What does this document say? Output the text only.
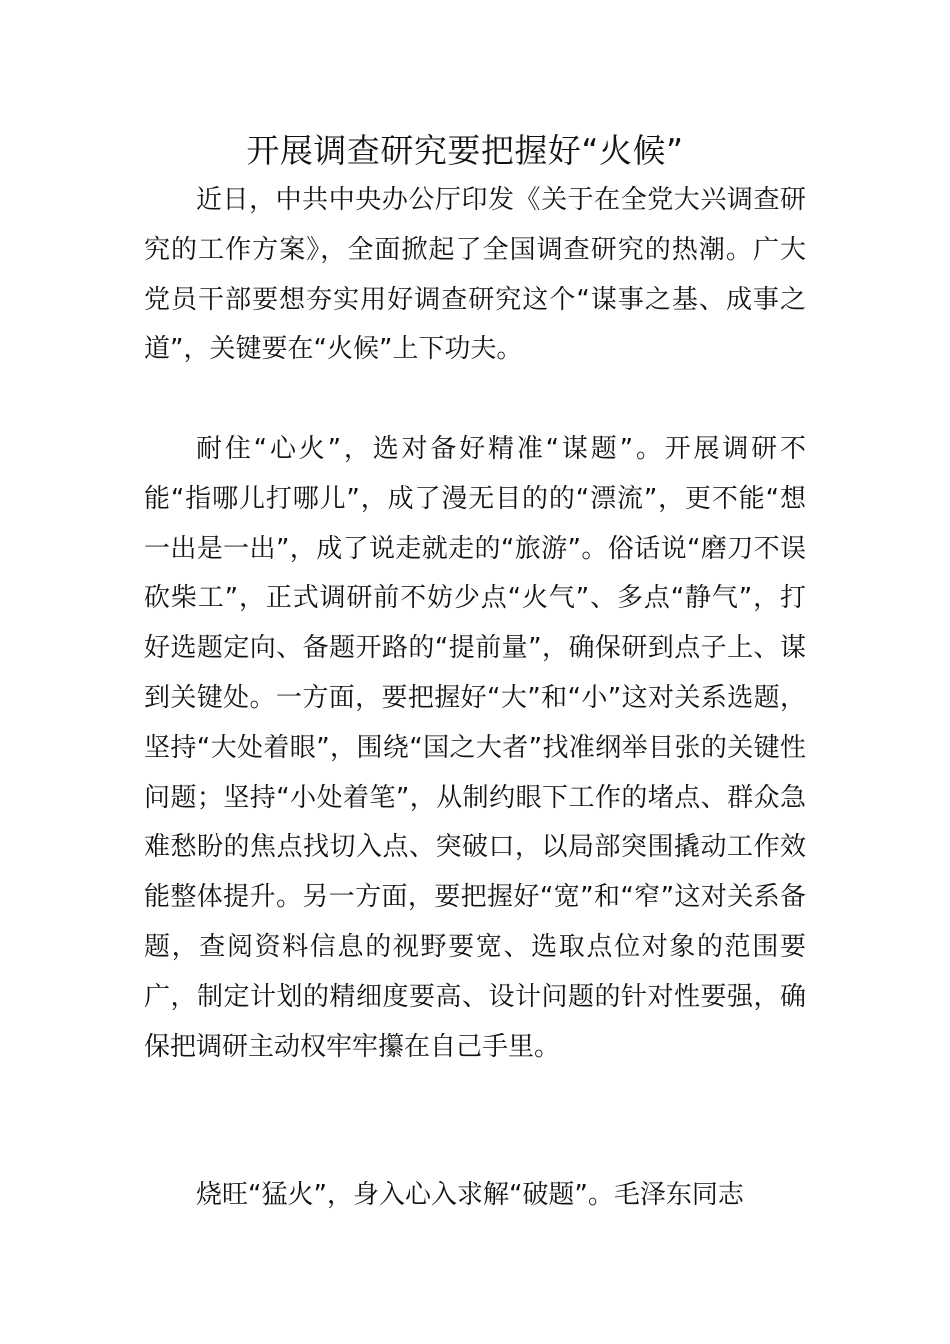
开展调查研究要把握好“火候”

近日，中共中央办公厅印发《关于在全党大兴调查研究的工作方案》，全面掀起了全国调查研究的热潮。广大党员干部要想夯实用好调查研究这个“谋事之基、成事之道”，关键要在“火候”上下功夫。

耐住“心火”，选对备好精准“谋题”。开展调研不能“指哪儿打哪儿”，成了漫无目的的“漂流”，更不能“想一出是一出”，成了说走就走的“旅游”。俗话说“磨刀不误砍柴工”，正式调研前不妨少点“火气”、多点“静气”，打好选题定向、备题开路的“提前量”，确保研到点子上、谋到关键处。一方面，要把握好“大”和“小”这对关系选题，坚持“大处着眼”，围绕“国之大者”找准纲举目张的关键性问题；坚持“小处着笔”，从制约眼下工作的堵点、群众急难愁盼的焦点找切入点、突破口，以局部突围撬动工作效能整体提升。另一方面，要把握好“宽”和“窄”这对关系备题，查阅资料信息的视野要宽、选取点位对象的范围要广，制定计划的精细度要高、设计问题的针对性要强，确保把调研主动权牢牢攥在自己手里。

烧旺“猛火”，身入心入求解“破题”。毛泽东同志
